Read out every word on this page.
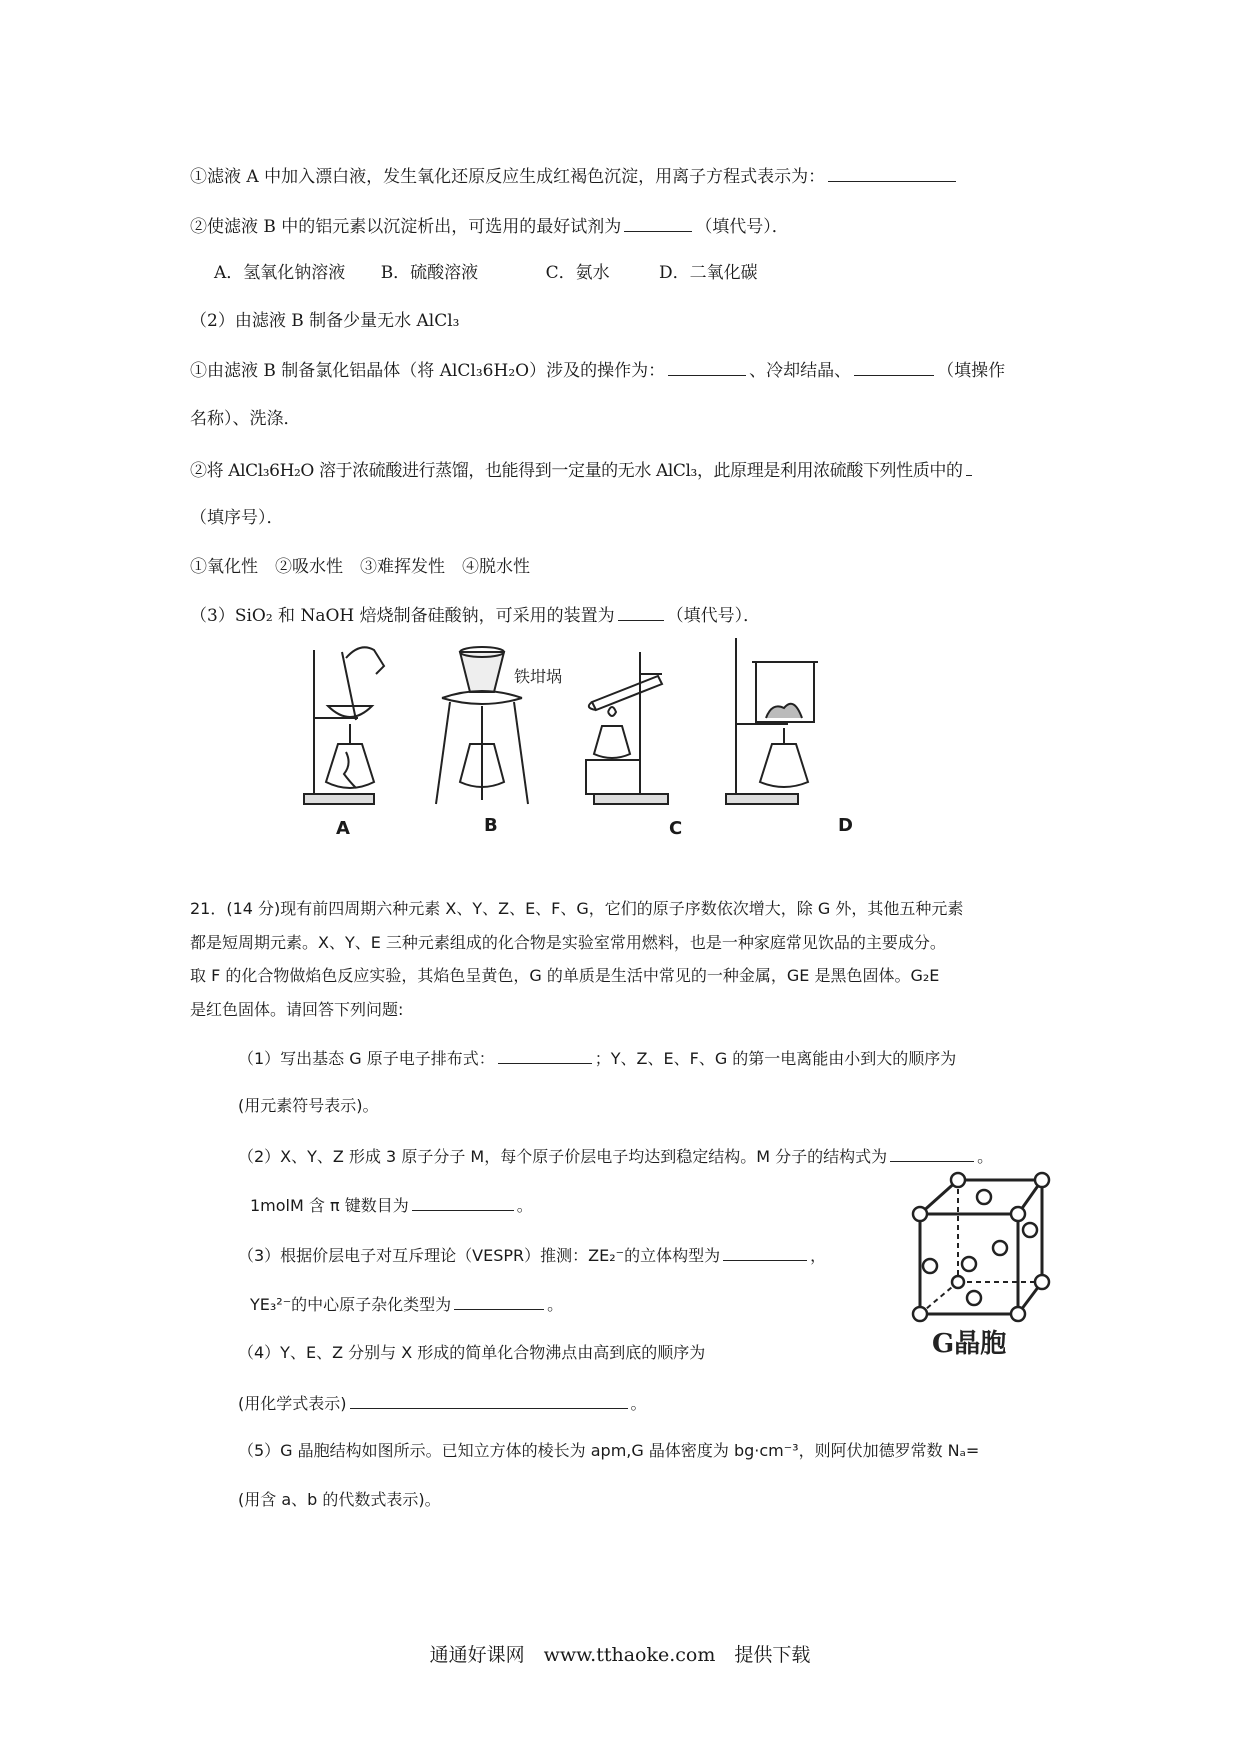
①滤液 A 中加入漂白液，发生氧化还原反应生成红褐色沉淀，用离子方程式表示为：
②使滤液 B 中的铝元素以沉淀析出，可选用的最好试剂为	（填代号）．
A．氢氧化钠溶液 B．硫酸溶液	C．氨水	D．二氧化碳
（2）由滤液 B 制备少量无水 AlCl₃
①由滤液 B 制备氯化铝晶体（将 AlCl₃6H₂O）涉及的操作为：	、冷却结晶、	（填操作
名称）、洗涤．
②将 AlCl₃6H₂O 溶于浓硫酸进行蒸馏，也能得到一定量的无水 AlCl₃，此原理是利用浓硫酸下列性质中的
（填序号）．
①氧化性　②吸水性　③难挥发性　④脱水性
（3）SiO₂ 和 NaOH 焙烧制备硅酸钠，可采用的装置为	（填代号）．
A	B	C	D
铁坩埚
21．(14 分)现有前四周期六种元素 X、Y、Z、E、F、G，它们的原子序数依次增大，除 G 外，其他五种元素
都是短周期元素。X、Y、E 三种元素组成的化合物是实验室常用燃料，也是一种家庭常见饮品的主要成分。
取 F 的化合物做焰色反应实验，其焰色呈黄色，G 的单质是生活中常见的一种金属，GE 是黑色固体。G₂E
是红色固体。请回答下列问题:
（1）写出基态 G 原子电子排布式：	；Y、Z、E、F、G 的第一电离能由小到大的顺序为
(用元素符号表示)。
（2）X、Y、Z 形成 3 原子分子 M，每个原子价层电子均达到稳定结构。M 分子的结构式为	。
1molM 含 π 键数目为	。
（3）根据价层电子对互斥理论（VESPR）推测：ZE₂⁻的立体构型为	，
YE₃²⁻的中心原子杂化类型为	。
（4）Y、E、Z 分别与 X 形成的简单化合物沸点由高到底的顺序为
(用化学式表示)	。
（5）G 晶胞结构如图所示。已知立方体的棱长为 apm,G 晶体密度为 bg·cm⁻³，则阿伏加德罗常数 Nₐ=
(用含 a、b 的代数式表示)。
G晶胞
通通好课网　www.tthaoke.com　提供下载
